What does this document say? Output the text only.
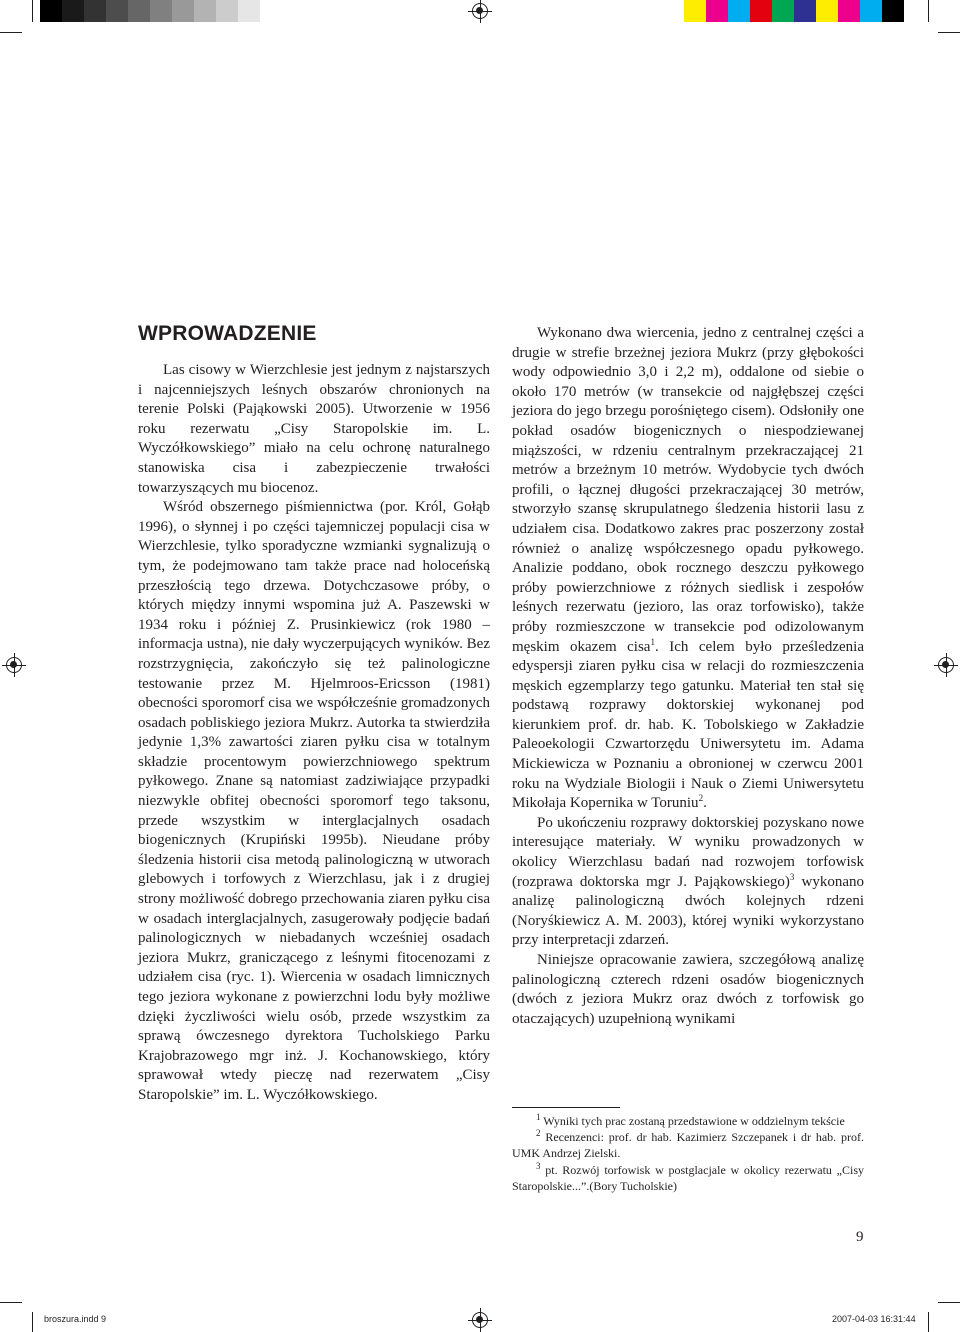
WPROWADZENIE

Las cisowy w Wierzchlesie jest jednym z najstarszych i najcenniejszych leśnych obszarów chronionych na terenie Polski (Pająkowski 2005). Utworzenie w 1956 roku rezerwatu „Cisy Staropolskie im. L. Wyczółkowskiego” miało na celu ochronę naturalnego stanowiska cisa i zabezpieczenie trwałości towarzyszących mu biocenoz.

Wśród obszernego piśmiennictwa (por. Król, Gołąb 1996), o słynnej i po części tajemniczej populacji cisa w Wierzchlesie, tylko sporadyczne wzmianki sygnalizują o tym, że podejmowano tam także prace nad holoceńską przeszłością tego drzewa. Dotychczasowe próby, o których między innymi wspomina już A. Paszewski w 1934 roku i później Z. Prusinkiewicz (rok 1980 – informacja ustna), nie dały wyczerpujących wyników. Bez rozstrzygnięcia, zakończyło się też palinologiczne testowanie przez M. Hjelmroos-Ericsson (1981) obecności sporomorf cisa we współcześnie gromadzonych osadach pobliskiego jeziora Mukrz. Autorka ta stwierdziła jedynie 1,3% zawartości ziaren pyłku cisa w totalnym składzie procentowym powierzchniowego spektrum pyłkowego. Znane są natomiast zadziwiające przypadki niezwykle obfitej obecności sporomorf tego taksonu, przede wszystkim w interglacjalnych osadach biogenicznych (Krupiński 1995b). Nieudane próby śledzenia historii cisa metodą palinologiczną w utworach glebowych i torfowych z Wierzchlasu, jak i z drugiej strony możliwość dobrego przechowania ziaren pyłku cisa w osadach interglacjalnych, zasugerowały podjęcie badań palinologicznych w niebadanych wcześniej osadach jeziora Mukrz, graniczącego z leśnymi fitocenozami z udziałem cisa (ryc. 1). Wiercenia w osadach limnicznych tego jeziora wykonane z powierzchni lodu były możliwe dzięki życzliwości wielu osób, przede wszystkim za sprawą ówczesnego dyrektora Tucholskiego Parku Krajobrazowego mgr inż. J. Kochanowskiego, który sprawował wtedy pieczę nad rezerwatem „Cisy Staropolskie” im. L. Wyczółkowskiego.

Wykonano dwa wiercenia, jedno z centralnej części a drugie w strefie brzeżnej jeziora Mukrz (przy głębokości wody odpowiednio 3,0 i 2,2 m), oddalone od siebie o około 170 metrów (w transekcie od najgłębszej części jeziora do jego brzegu porośniętego cisem). Odsłoniły one pokład osadów biogenicznych o niespodziewanej miąższości, w rdzeniu centralnym przekraczającej 21 metrów a brzeżnym 10 metrów. Wydobycie tych dwóch profili, o łącznej długości przekraczającej 30 metrów, stworzyło szansę skrupulatnego śledzenia historii lasu z udziałem cisa. Dodatkowo zakres prac poszerzony został również o analizę współczesnego opadu pyłkowego. Analizie poddano, obok rocznego deszczu pyłkowego próby powierzchniowe z różnych siedlisk i zespołów leśnych rezerwatu (jezioro, las oraz torfowisko), także próby rozmieszczone w transekcie pod odizolowanym męskim okazem cisa$^1$. Ich celem było prześledzenia edyspersji ziaren pyłku cisa w relacji do rozmieszczenia męskich egzemplarzy tego gatunku. Materiał ten stał się podstawą rozprawy doktorskiej wykonanej pod kierunkiem prof. dr. hab. K. Tobolskiego w Zakładzie Paleoekologii Czwartorzędu Uniwersytetu im. Adama Mickiewicza w Poznaniu a obronionej w czerwcu 2001 roku na Wydziale Biologii i Nauk o Ziemi Uniwersytetu Mikołaja Kopernika w Toruniu$^2$.

Po ukończeniu rozprawy doktorskiej pozyskano nowe interesujące materiały. W wyniku prowadzonych w okolicy Wierzchlasu badań nad rozwojem torfowisk (rozprawa doktorska mgr J. Pająkowskiego)$^3$ wykonano analizę palinologiczną dwóch kolejnych rdzeni (Noryśkiewicz A. M. 2003), której wyniki wykorzystano przy interpretacji zdarzeń.

Niniejsze opracowanie zawiera, szczegółową analizę palinologiczną czterech rdzeni osadów biogenicznych (dwóch z jeziora Mukrz oraz dwóch z torfowisk go otaczających) uzupełnioną wynikami

$^1$ Wyniki tych prac zostaną przedstawione w oddzielnym tekście

$^2$ Recenzenci: prof. dr hab. Kazimierz Szczepanek i dr hab. prof. UMK Andrzej Zielski.

$^3$ pt. Rozwój torfowisk w postglacjale w okolicy rezerwatu „Cisy Staropolskie...”.(Bory Tucholskie)

9
broszura.indd 9	2007-04-03 16:31:44
